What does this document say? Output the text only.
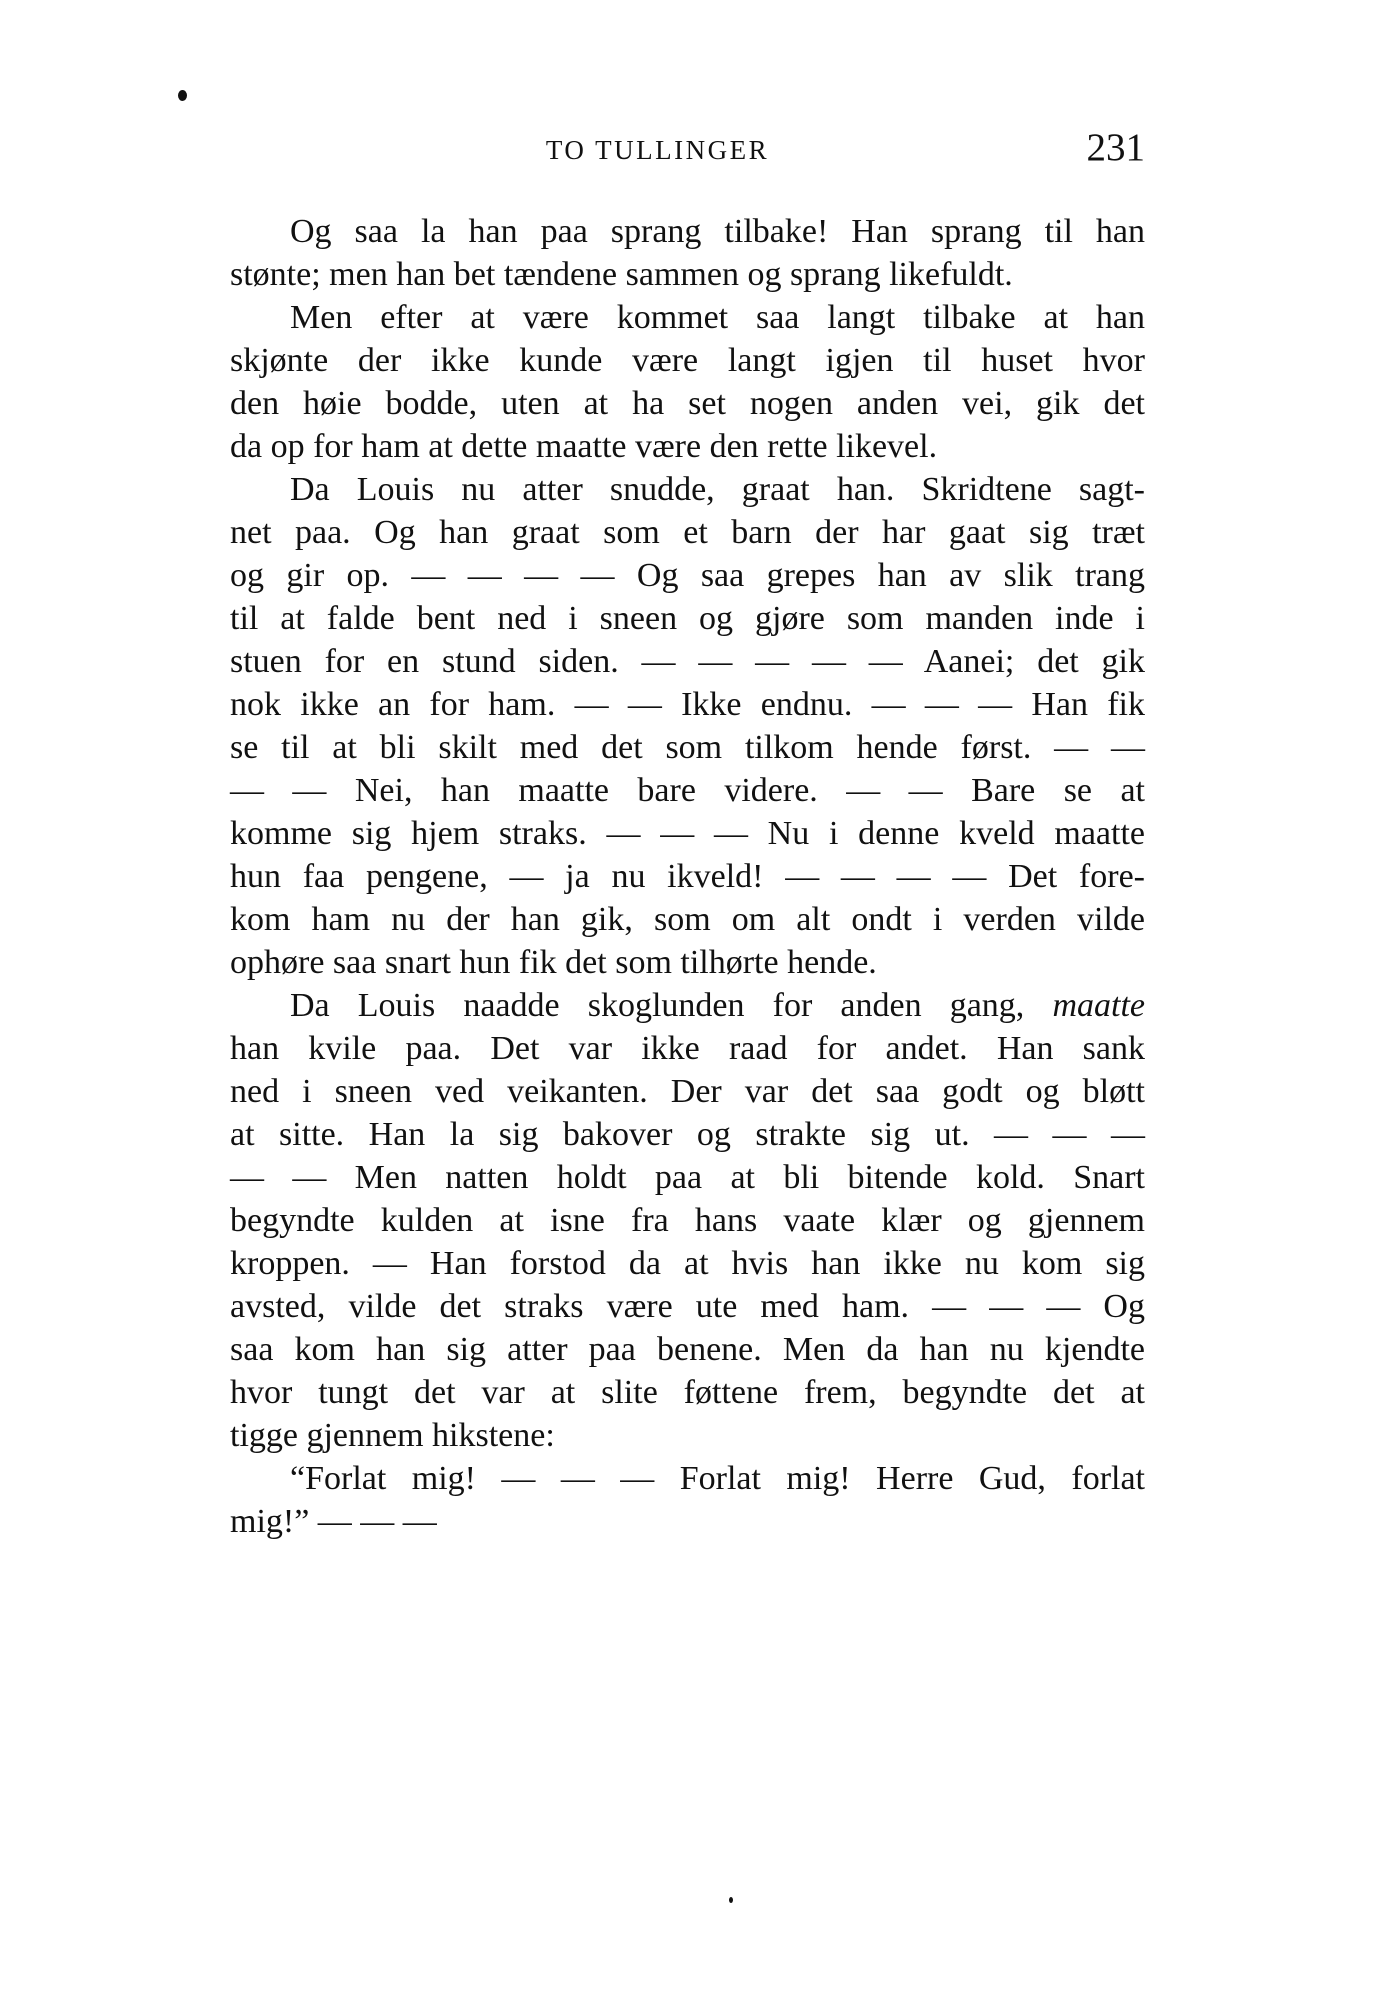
TO TULLINGER	231
Og saa la han paa sprang tilbake! Han sprang til han
stønte; men han bet tændene sammen og sprang likefuldt.
Men efter at være kommet saa langt tilbake at han
skjønte der ikke kunde være langt igjen til huset hvor
den høie bodde, uten at ha set nogen anden vei, gik det
da op for ham at dette maatte være den rette likevel.
Da Louis nu atter snudde, graat han. Skridtene sagt-
net paa. Og han graat som et barn der har gaat sig træt
og gir op. — — — — Og saa grepes han av slik trang
til at falde bent ned i sneen og gjøre som manden inde i
stuen for en stund siden. — — — — — Aanei; det gik
nok ikke an for ham. — — Ikke endnu. — — — Han fik
se til at bli skilt med det som tilkom hende først. — —
— — Nei, han maatte bare videre. — — Bare se at
komme sig hjem straks. — — — Nu i denne kveld maatte
hun faa pengene, — ja nu ikveld! — — — — Det fore-
kom ham nu der han gik, som om alt ondt i verden vilde
ophøre saa snart hun fik det som tilhørte hende.
Da Louis naadde skoglunden for anden gang, maatte
han kvile paa. Det var ikke raad for andet. Han sank
ned i sneen ved veikanten. Der var det saa godt og bløtt
at sitte. Han la sig bakover og strakte sig ut. — — —
— — Men natten holdt paa at bli bitende kold. Snart
begyndte kulden at isne fra hans vaate klær og gjennem
kroppen. — Han forstod da at hvis han ikke nu kom sig
avsted, vilde det straks være ute med ham. — — — Og
saa kom han sig atter paa benene. Men da han nu kjendte
hvor tungt det var at slite føttene frem, begyndte det at
tigge gjennem hikstene:
“Forlat mig! — — — Forlat mig! Herre Gud, forlat
mig!” — — —
